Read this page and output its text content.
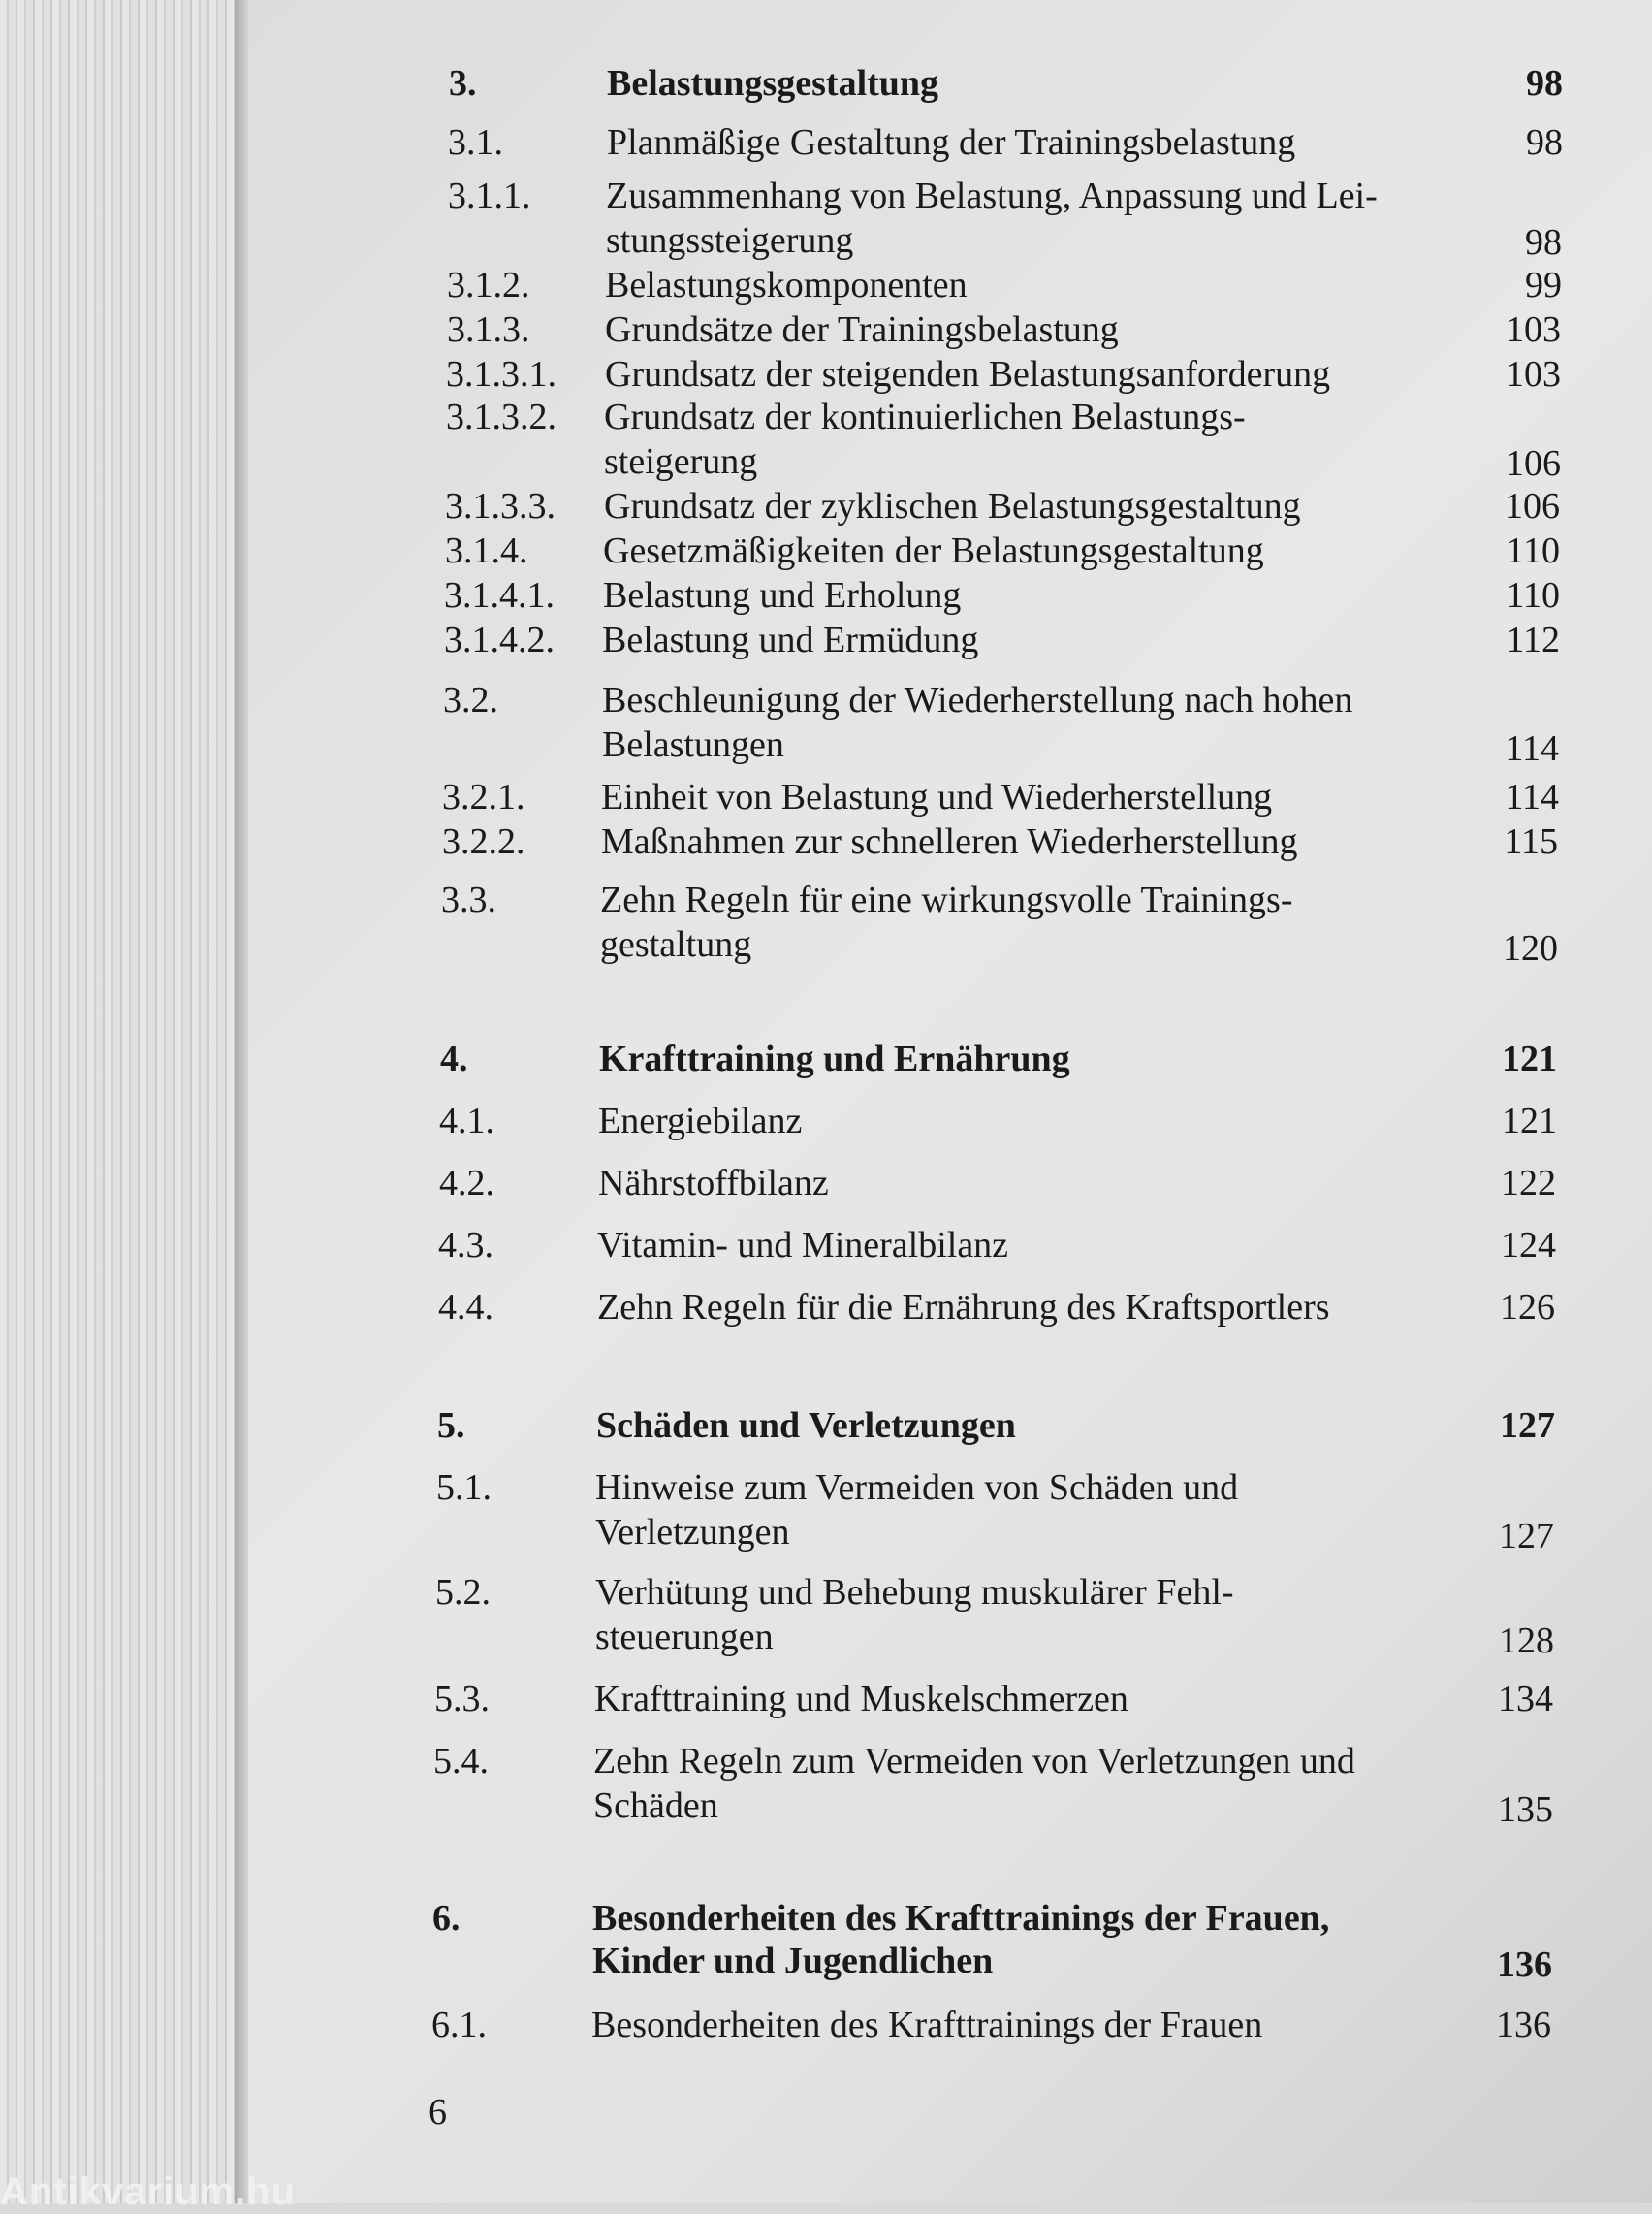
3.	Belastungsgestaltung	98
3.1.	Planmäßige Gestaltung der Trainingsbelastung	98
3.1.1. Zusammenhang von Belastung, Anpassung und Lei-
stungssteigerung	98
3.1.2. Belastungskomponenten	99
3.1.3. Grundsätze der Trainingsbelastung	103
3.1.3.1. Grundsatz der steigenden Belastungsanforderung	103
3.1.3.2. Grundsatz der kontinuierlichen Belastungs-
steigerung	106
3.1.3.3. Grundsatz der zyklischen Belastungsgestaltung	106
3.1.4. Gesetzmäßigkeiten der Belastungsgestaltung	110
3.1.4.1. Belastung und Erholung	110
3.1.4.2. Belastung und Ermüdung	112
3.2.	Beschleunigung der Wiederherstellung nach hohen
Belastungen	114
3.2.1. Einheit von Belastung und Wiederherstellung	114
3.2.2. Maßnahmen zur schnelleren Wiederherstellung	115
3.3.	Zehn Regeln für eine wirkungsvolle Trainings-
gestaltung	120
4.	Krafttraining und Ernährung	121
4.1.	Energiebilanz	121
4.2.	Nährstoffbilanz	122
4.3.	Vitamin- und Mineralbilanz	124
4.4.	Zehn Regeln für die Ernährung des Kraftsportlers	126
5.	Schäden und Verletzungen	127
5.1.	Hinweise zum Vermeiden von Schäden und
Verletzungen	127
5.2.	Verhütung und Behebung muskulärer Fehl-
steuerungen	128
5.3.	Krafttraining und Muskelschmerzen	134
5.4.	Zehn Regeln zum Vermeiden von Verletzungen und
Schäden	135
6.	Besonderheiten des Krafttrainings der Frauen,
Kinder und Jugendlichen	136
6.1.	Besonderheiten des Krafttrainings der Frauen	136
6
Antikvarium.hu
